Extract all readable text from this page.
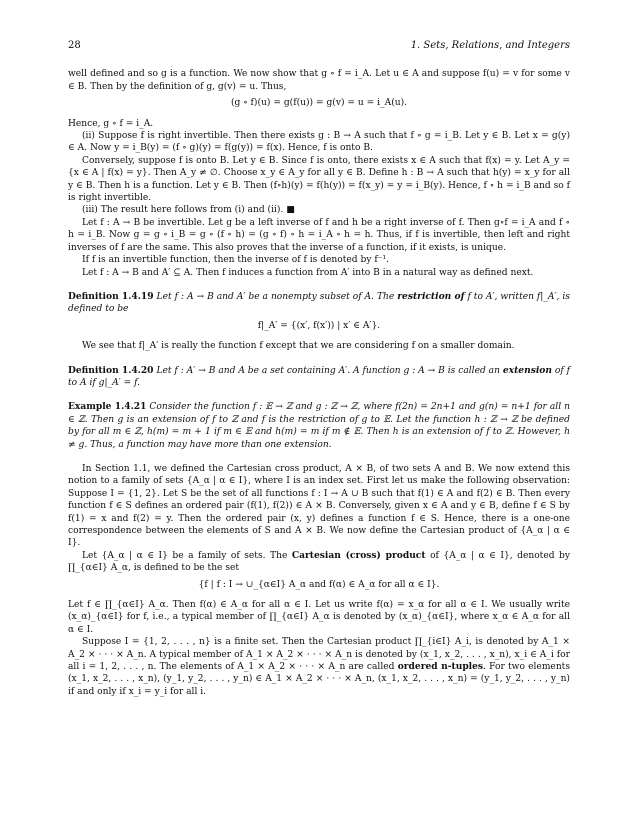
28	1. Sets, Relations, and Integers

well defined and so g is a function. We now show that g ∘ f = i_A. Let u ∈ A and suppose f(u) = v for some v ∈ B. Then by the definition of g, g(v) = u. Thus,

(g ∘ f)(u) = g(f(u)) = g(v) = u = i_A(u).

Hence, g ∘ f = i_A.

(ii) Suppose f is right invertible. Then there exists g : B → A such that f ∘ g = i_B. Let y ∈ B. Let x = g(y) ∈ A. Now y = i_B(y) = (f ∘ g)(y) = f(g(y)) = f(x). Hence, f is onto B.

Conversely, suppose f is onto B. Let y ∈ B. Since f is onto, there exists x ∈ A such that f(x) = y. Let A_y = {x ∈ A | f(x) = y}. Then A_y ≠ ∅. Choose x_y ∈ A_y for all y ∈ B. Define h : B → A such that h(y) = x_y for all y ∈ B. Then h is a function. Let y ∈ B. Then (f∘h)(y) = f(h(y)) = f(x_y) = y = i_B(y). Hence, f ∘ h = i_B and so f is right invertible.

(iii) The result here follows from (i) and (ii). ■

Let f : A → B be invertible. Let g be a left inverse of f and h be a right inverse of f. Then g∘f = i_A and f ∘ h = i_B. Now g = g ∘ i_B = g ∘ (f ∘ h) = (g ∘ f) ∘ h = i_A ∘ h = h. Thus, if f is invertible, then left and right inverses of f are the same. This also proves that the inverse of a function, if it exists, is unique.

If f is an invertible function, then the inverse of f is denoted by f⁻¹.

Let f : A → B and A′ ⊆ A. Then f induces a function from A′ into B in a natural way as defined next.

Definition 1.4.19 Let f : A → B and A′ be a nonempty subset of A. The restriction of f to A′, written f|_A′, is defined to be

f|_A′ = {(x′, f(x′)) | x′ ∈ A′}.

We see that f|_A′ is really the function f except that we are considering f on a smaller domain.

Definition 1.4.20 Let f : A′ → B and A be a set containing A′. A function g : A → B is called an extension of f to A if g|_A′ = f.

Example 1.4.21 Consider the function f : 𝔼 → ℤ and g : ℤ → ℤ, where f(2n) = 2n+1 and g(n) = n+1 for all n ∈ ℤ. Then g is an extension of f to ℤ and f is the restriction of g to 𝔼. Let the function h : ℤ → ℤ be defined by for all m ∈ ℤ, h(m) = m + 1 if m ∈ 𝔼 and h(m) = m if m ∉ 𝔼. Then h is an extension of f to ℤ. However, h ≠ g. Thus, a function may have more than one extension.

In Section 1.1, we defined the Cartesian cross product, A × B, of two sets A and B. We now extend this notion to a family of sets {A_α | α ∈ I}, where I is an index set. First let us make the following observation: Suppose I = {1, 2}. Let S be the set of all functions f : I → A ∪ B such that f(1) ∈ A and f(2) ∈ B. Then every function f ∈ S defines an ordered pair (f(1), f(2)) ∈ A × B. Conversely, given x ∈ A and y ∈ B, define f ∈ S by f(1) = x and f(2) = y. Then the ordered pair (x, y) defines a function f ∈ S. Hence, there is a one-one correspondence between the elements of S and A × B. We now define the Cartesian product of {A_α | α ∈ I}.

Let {A_α | α ∈ I} be a family of sets. The Cartesian (cross) product of {A_α | α ∈ I}, denoted by ∏_{α∈I} A_α, is defined to be the set

{f | f : I → ∪_{α∈I} A_α and f(α) ∈ A_α for all α ∈ I}.

Let f ∈ ∏_{α∈I} A_α. Then f(α) ∈ A_α for all α ∈ I. Let us write f(α) = x_α for all α ∈ I. We usually write (x_α)_{α∈I} for f, i.e., a typical member of ∏_{α∈I} A_α is denoted by (x_α)_{α∈I}, where x_α ∈ A_α for all α ∈ I.

Suppose I = {1, 2, . . . , n} is a finite set. Then the Cartesian product ∏_{i∈I} A_i, is denoted by A_1 × A_2 × · · · × A_n. A typical member of A_1 × A_2 × · · · × A_n is denoted by (x_1, x_2, . . . , x_n), x_i ∈ A_i for all i = 1, 2, . . . , n. The elements of A_1 × A_2 × · · · × A_n are called ordered n-tuples. For two elements (x_1, x_2, . . . , x_n), (y_1, y_2, . . . , y_n) ∈ A_1 × A_2 × · · · × A_n, (x_1, x_2, . . . , x_n) = (y_1, y_2, . . . , y_n) if and only if x_i = y_i for all i.
